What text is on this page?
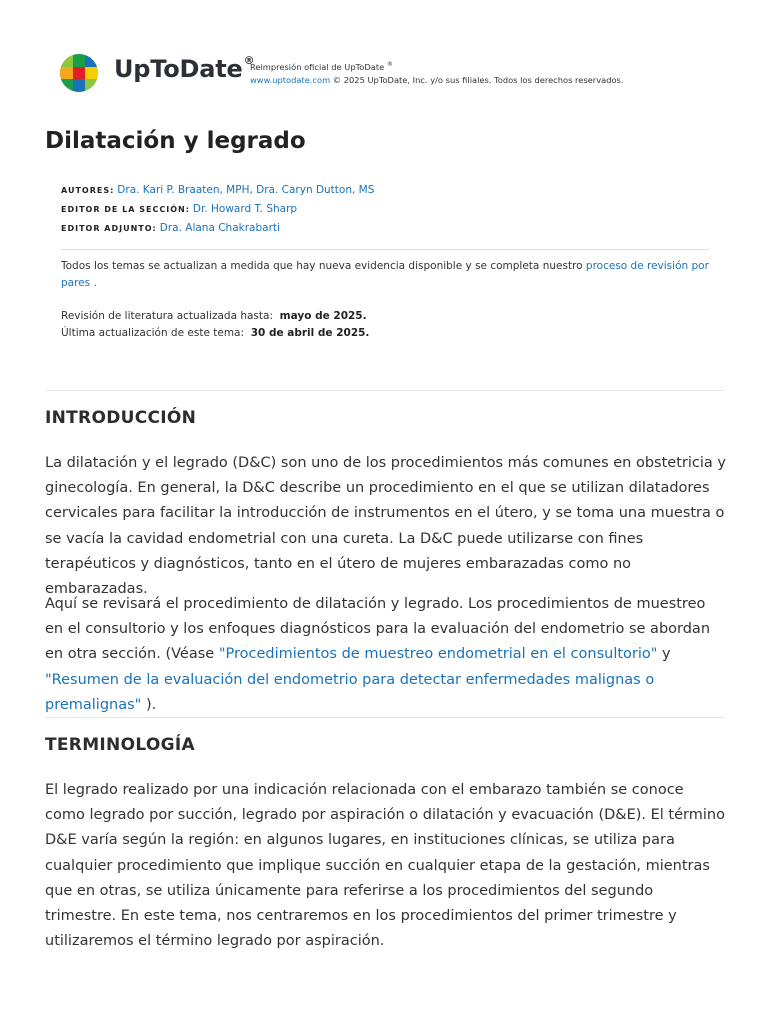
UpToDate®
Reimpresión oficial de UpToDate ®
www.uptodate.com © 2025 UpToDate, Inc. y/o sus filiales. Todos los derechos reservados.
Dilatación y legrado
AUTORES: Dra. Kari P. Braaten, MPH, Dra. Caryn Dutton, MS
EDITOR DE LA SECCIÓN: Dr. Howard T. Sharp
EDITOR ADJUNTO: Dra. Alana Chakrabarti
Todos los temas se actualizan a medida que hay nueva evidencia disponible y se completa nuestro proceso de revisión por pares .
Revisión de literatura actualizada hasta: mayo de 2025.
Última actualización de este tema: 30 de abril de 2025.
INTRODUCCIÓN

La dilatación y el legrado (D&C) son uno de los procedimientos más comunes en obstetricia y ginecología. En general, la D&C describe un procedimiento en el que se utilizan dilatadores cervicales para facilitar la introducción de instrumentos en el útero, y se toma una muestra o se vacía la cavidad endometrial con una cureta. La D&C puede utilizarse con fines terapéuticos y diagnósticos, tanto en el útero de mujeres embarazadas como no embarazadas.

Aquí se revisará el procedimiento de dilatación y legrado. Los procedimientos de muestreo en el consultorio y los enfoques diagnósticos para la evaluación del endometrio se abordan en otra sección. (Véase "Procedimientos de muestreo endometrial en el consultorio" y "Resumen de la evaluación del endometrio para detectar enfermedades malignas o premalignas" ).

TERMINOLOGÍA

El legrado realizado por una indicación relacionada con el embarazo también se conoce como legrado por succión, legrado por aspiración o dilatación y evacuación (D&E). El término D&E varía según la región: en algunos lugares, en instituciones clínicas, se utiliza para cualquier procedimiento que implique succión en cualquier etapa de la gestación, mientras que en otras, se utiliza únicamente para referirse a los procedimientos del segundo trimestre. En este tema, nos centraremos en los procedimientos del primer trimestre y utilizaremos el término legrado por aspiración.
